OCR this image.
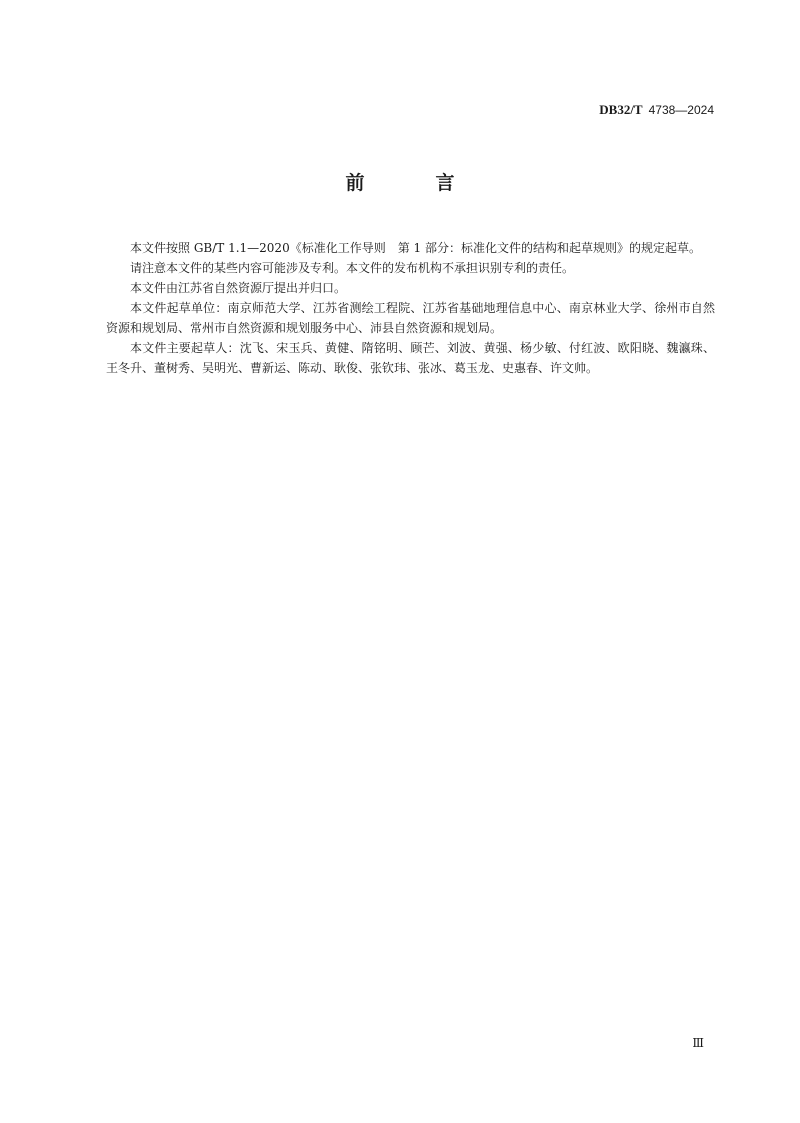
DB32/T 4738—2024
前　言

本文件按照 GB/T 1.1—2020《标准化工作导则　第 1 部分：标准化文件的结构和起草规则》的规定起草。

请注意本文件的某些内容可能涉及专利。本文件的发布机构不承担识别专利的责任。

本文件由江苏省自然资源厅提出并归口。

本文件起草单位：南京师范大学、江苏省测绘工程院、江苏省基础地理信息中心、南京林业大学、徐州市自然资源和规划局、常州市自然资源和规划服务中心、沛县自然资源和规划局。

本文件主要起草人：沈飞、宋玉兵、黄健、隋铭明、顾芒、刘波、黄强、杨少敏、付红波、欧阳晓、魏瀛珠、王冬升、董树秀、吴明光、曹新运、陈动、耿俊、张钦玮、张冰、葛玉龙、史惠春、许文帅。

Ⅲ
